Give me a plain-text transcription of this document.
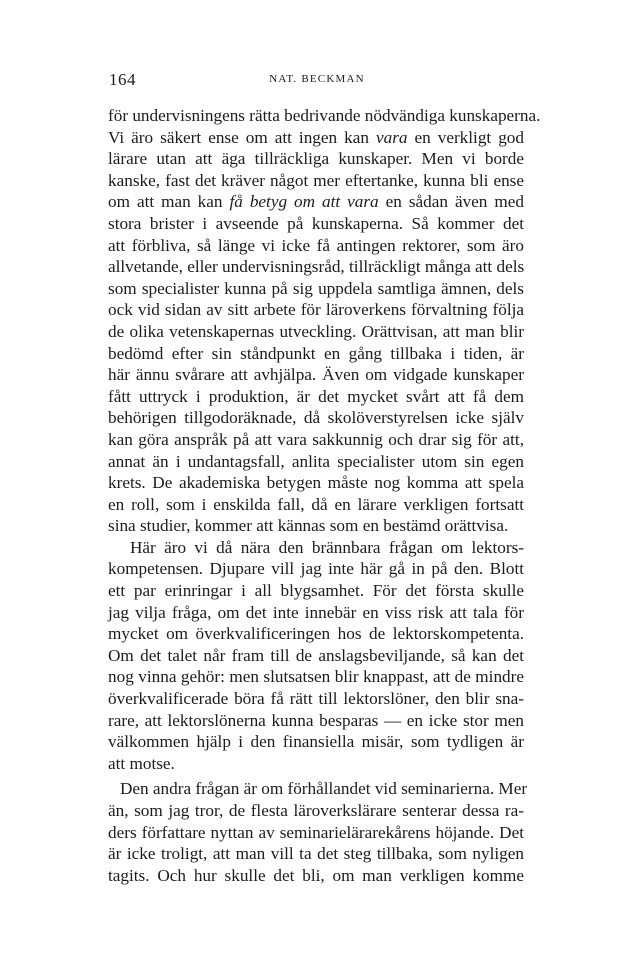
164	NAT. BECKMAN
för undervisningens rätta bedrivande nödvändiga kunskaperna.
Vi äro säkert ense om att ingen kan vara en verkligt god
lärare utan att äga tillräckliga kunskaper. Men vi borde
kanske, fast det kräver något mer eftertanke, kunna bli ense
om att man kan få betyg om att vara en sådan även med
stora brister i avseende på kunskaperna. Så kommer det
att förbliva, så länge vi icke få antingen rektorer, som äro
allvetande, eller undervisningsråd, tillräckligt många att dels
som specialister kunna på sig uppdela samtliga ämnen, dels
ock vid sidan av sitt arbete för läroverkens förvaltning följa
de olika vetenskapernas utveckling. Orättvisan, att man blir
bedömd efter sin ståndpunkt en gång tillbaka i tiden, är
här ännu svårare att avhjälpa. Även om vidgade kunskaper
fått uttryck i produktion, är det mycket svårt att få dem
behörigen tillgodoräknade, då skolöverstyrelsen icke själv
kan göra anspråk på att vara sakkunnig och drar sig för att,
annat än i undantagsfall, anlita specialister utom sin egen
krets. De akademiska betygen måste nog komma att spela
en roll, som i enskilda fall, då en lärare verkligen fortsatt
sina studier, kommer att kännas som en bestämd orättvisa.
Här äro vi då nära den brännbara frågan om lektors-
kompetensen. Djupare vill jag inte här gå in på den. Blott
ett par erinringar i all blygsamhet. För det första skulle
jag vilja fråga, om det inte innebär en viss risk att tala för
mycket om överkvalificeringen hos de lektorskompetenta.
Om det talet når fram till de anslagsbeviljande, så kan det
nog vinna gehör: men slutsatsen blir knappast, att de mindre
överkvalificerade böra få rätt till lektorslöner, den blir sna-
rare, att lektorslönerna kunna besparas — en icke stor men
välkommen hjälp i den finansiella misär, som tydligen är
att motse.
Den andra frågan är om förhållandet vid seminarierna. Mer
än, som jag tror, de flesta läroverkslärare senterar dessa ra-
ders författare nyttan av seminarielärarekårens höjande. Det
är icke troligt, att man vill ta det steg tillbaka, som nyligen
tagits. Och hur skulle det bli, om man verkligen komme
